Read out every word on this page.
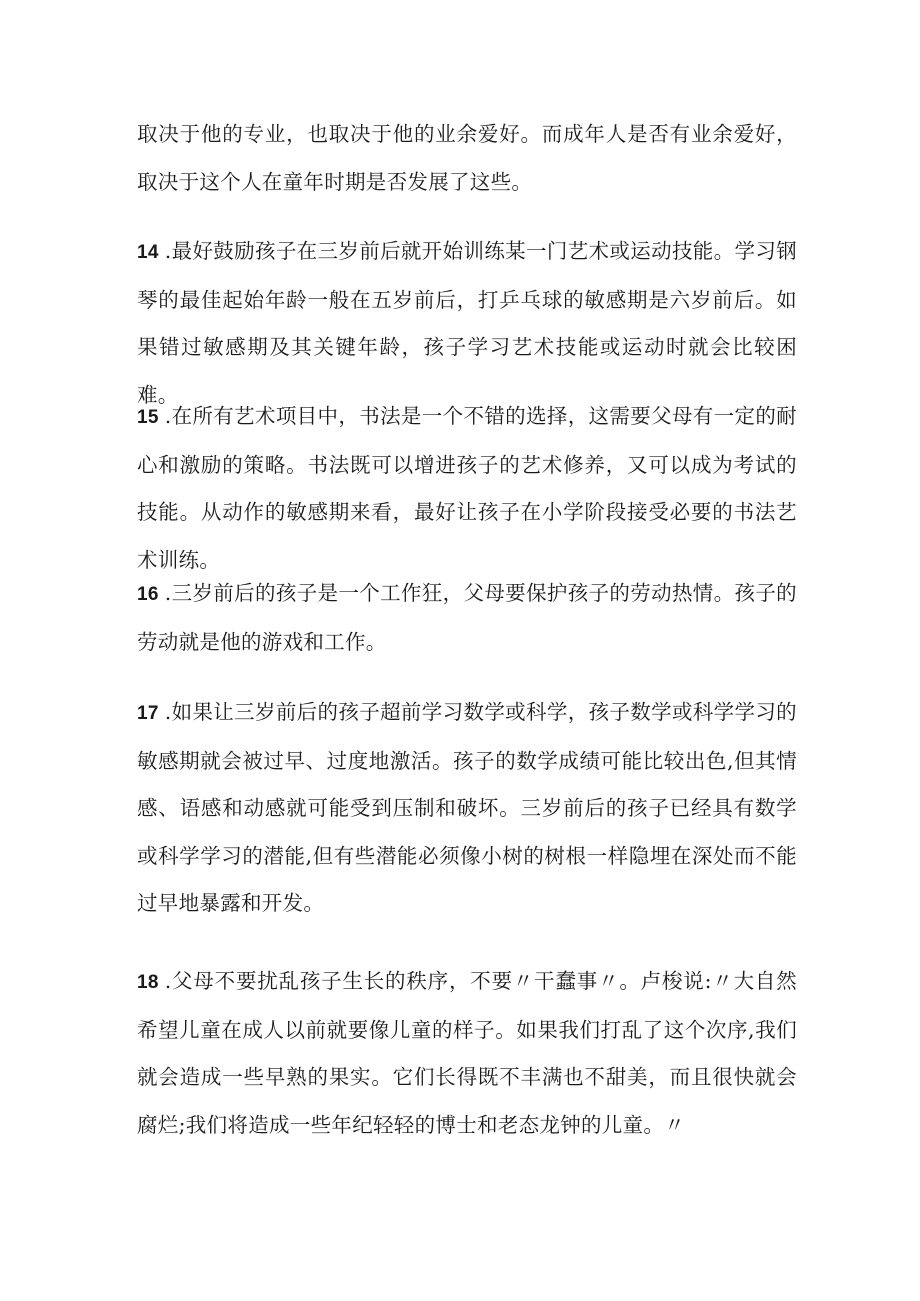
取决于他的专业，也取决于他的业余爱好。而成年人是否有业余爱好，取决于这个人在童年时期是否发展了这些。

14 .最好鼓励孩子在三岁前后就开始训练某一门艺术或运动技能。学习钢琴的最佳起始年龄一般在五岁前后，打乒乓球的敏感期是六岁前后。如果错过敏感期及其关键年龄，孩子学习艺术技能或运动时就会比较困难。

15 .在所有艺术项目中，书法是一个不错的选择，这需要父母有一定的耐心和激励的策略。书法既可以增进孩子的艺术修养，又可以成为考试的技能。从动作的敏感期来看，最好让孩子在小学阶段接受必要的书法艺术训练。

16 .三岁前后的孩子是一个工作狂，父母要保护孩子的劳动热情。孩子的劳动就是他的游戏和工作。

17 .如果让三岁前后的孩子超前学习数学或科学，孩子数学或科学学习的敏感期就会被过早、过度地激活。孩子的数学成绩可能比较出色,但其情感、语感和动感就可能受到压制和破坏。三岁前后的孩子已经具有数学或科学学习的潜能,但有些潜能必须像小树的树根一样隐埋在深处而不能过早地暴露和开发。

18 .父母不要扰乱孩子生长的秩序，不要〃干蠢事〃。卢梭说:〃大自然希望儿童在成人以前就要像儿童的样子。如果我们打乱了这个次序,我们就会造成一些早熟的果实。它们长得既不丰满也不甜美，而且很快就会腐烂;我们将造成一些年纪轻轻的博士和老态龙钟的儿童。〃
